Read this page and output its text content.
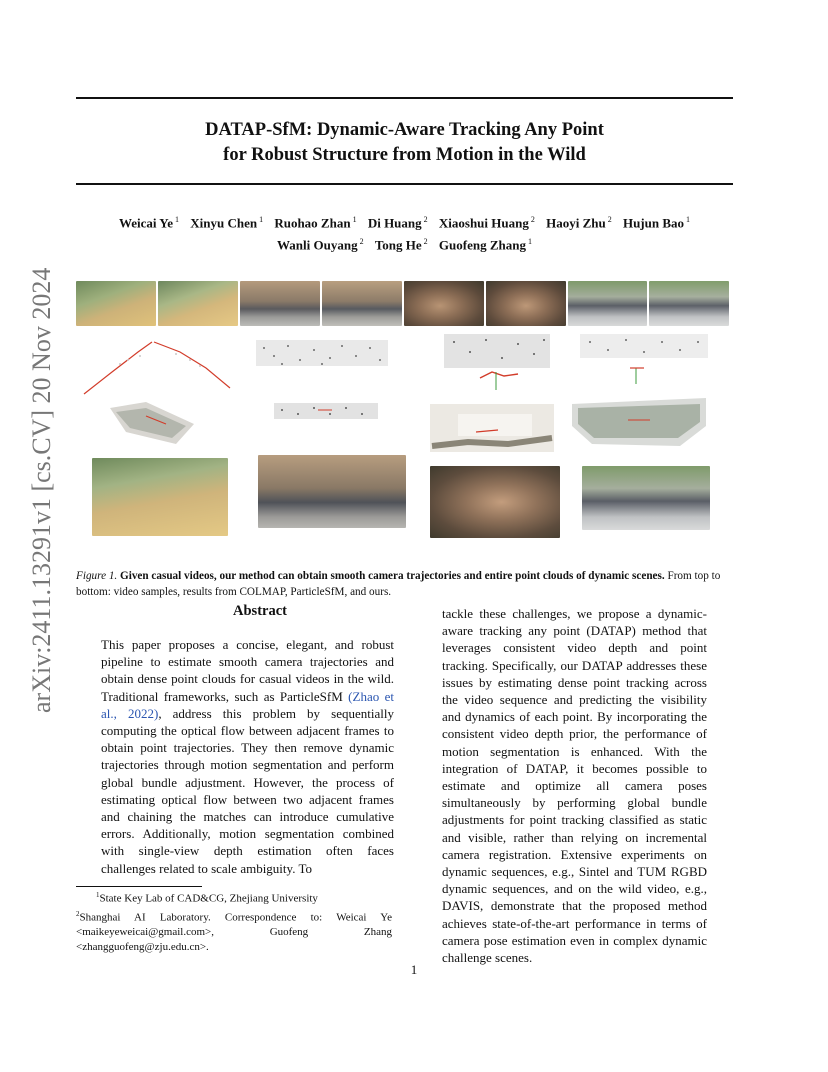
DATAP-SfM: Dynamic-Aware Tracking Any Point
for Robust Structure from Motion in the Wild
Weicai Ye $^1$ Xinyu Chen $^1$ Ruohao Zhan $^1$ Di Huang $^2$ Xiaoshui Huang $^2$ Haoyi Zhu $^2$ Hujun Bao $^1$
Wanli Ouyang $^2$ Tong He $^2$ Guofeng Zhang $^1$
arXiv:2411.13291v1 [cs.CV] 20 Nov 2024	Figure 1. Given casual videos, our method can obtain smooth camera trajectories and entire point clouds of dynamic scenes. From top to bottom: video samples, results from COLMAP, ParticleSfM, and ours.
Abstract
This paper proposes a concise, elegant, and robust pipeline to estimate smooth camera trajectories and obtain dense point clouds for casual videos in the wild. Traditional frameworks, such as ParticleSfM (Zhao et al., 2022), address this problem by sequentially computing the optical flow between adjacent frames to obtain point trajectories. They then remove dynamic trajectories through motion segmentation and perform global bundle adjustment. However, the process of estimating optical flow between two adjacent frames and chaining the matches can introduce cumulative errors. Additionally, motion segmentation combined with single-view depth estimation often faces challenges related to scale ambiguity. To
tackle these challenges, we propose a dynamic-aware tracking any point (DATAP) method that leverages consistent video depth and point tracking. Specifically, our DATAP addresses these issues by estimating dense point tracking across the video sequence and predicting the visibility and dynamics of each point. By incorporating the consistent video depth prior, the performance of motion segmentation is enhanced. With the integration of DATAP, it becomes possible to estimate and optimize all camera poses simultaneously by performing global bundle adjustments for point tracking classified as static and visible, rather than relying on incremental camera registration. Extensive experiments on dynamic sequences, e.g., Sintel and TUM RGBD dynamic sequences, and on the wild video, e.g., DAVIS, demonstrate that the proposed method achieves state-of-the-art performance in terms of camera pose estimation even in complex dynamic challenge scenes.
$^1$State Key Lab of CAD&CG, Zhejiang University
$^2$Shanghai AI Laboratory. Correspondence to: Weicai Ye <maikeyeweicai@gmail.com>, Guofeng Zhang <zhangguofeng@zju.edu.cn>.
1
